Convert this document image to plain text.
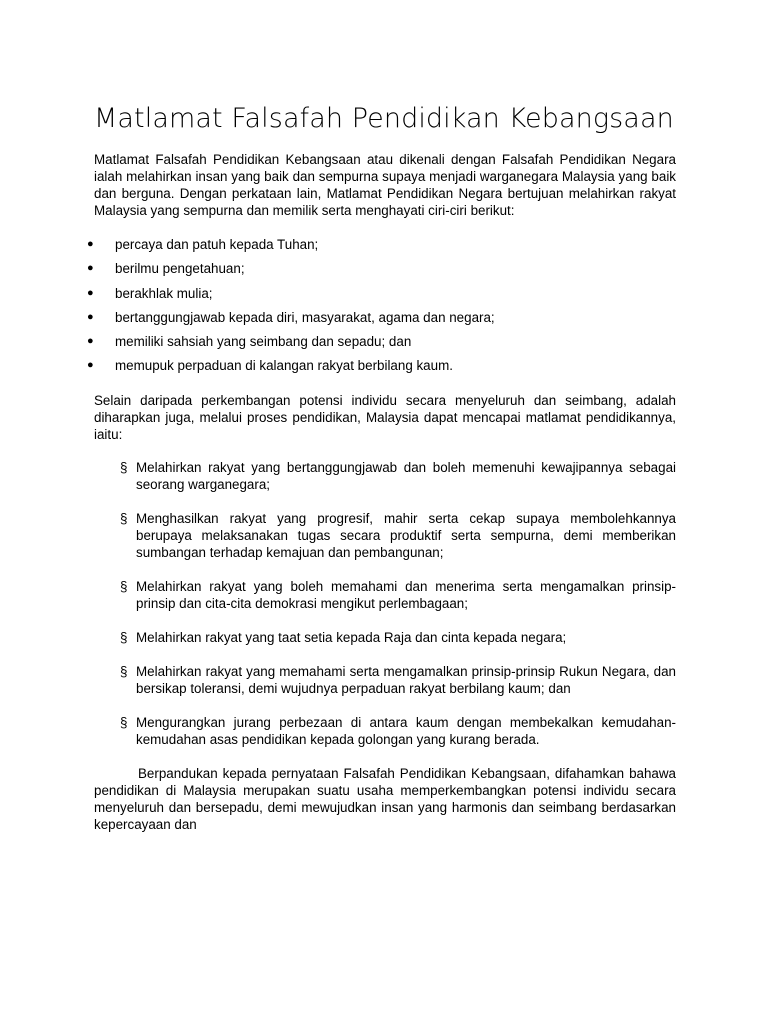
Matlamat Falsafah Pendidikan Kebangsaan

Matlamat Falsafah Pendidikan Kebangsaan atau dikenali dengan Falsafah Pendidikan Negara ialah melahirkan insan yang baik dan sempurna supaya menjadi warganegara Malaysia yang baik dan berguna. Dengan perkataan lain, Matlamat Pendidikan Negara bertujuan melahirkan rakyat Malaysia yang sempurna dan memilik serta menghayati ciri-ciri berikut:

● percaya dan patuh kepada Tuhan;
● berilmu pengetahuan;
● berakhlak mulia;
● bertanggungjawab kepada diri, masyarakat, agama dan negara;
● memiliki sahsiah yang seimbang dan sepadu; dan
● memupuk perpaduan di kalangan rakyat berbilang kaum.

Selain daripada perkembangan potensi individu secara menyeluruh dan seimbang, adalah diharapkan juga, melalui proses pendidikan, Malaysia dapat mencapai matlamat pendidikannya, iaitu:

§ Melahirkan rakyat yang bertanggungjawab dan boleh memenuhi kewajipannya sebagai seorang warganegara;
§ Menghasilkan rakyat yang progresif, mahir serta cekap supaya membolehkannya berupaya melaksanakan tugas secara produktif serta sempurna, demi memberikan sumbangan terhadap kemajuan dan pembangunan;
§ Melahirkan rakyat yang boleh memahami dan menerima serta mengamalkan prinsip-prinsip dan cita-cita demokrasi mengikut perlembagaan;
§ Melahirkan rakyat yang taat setia kepada Raja dan cinta kepada negara;
§ Melahirkan rakyat yang memahami serta mengamalkan prinsip-prinsip Rukun Negara, dan bersikap toleransi, demi wujudnya perpaduan rakyat berbilang kaum; dan
§ Mengurangkan jurang perbezaan di antara kaum dengan membekalkan kemudahan-kemudahan asas pendidikan kepada golongan yang kurang berada.

Berpandukan kepada pernyataan Falsafah Pendidikan Kebangsaan, difahamkan bahawa pendidikan di Malaysia merupakan suatu usaha memperkembangkan potensi individu secara menyeluruh dan bersepadu, demi mewujudkan insan yang harmonis dan seimbang berdasarkan kepercayaan dan
